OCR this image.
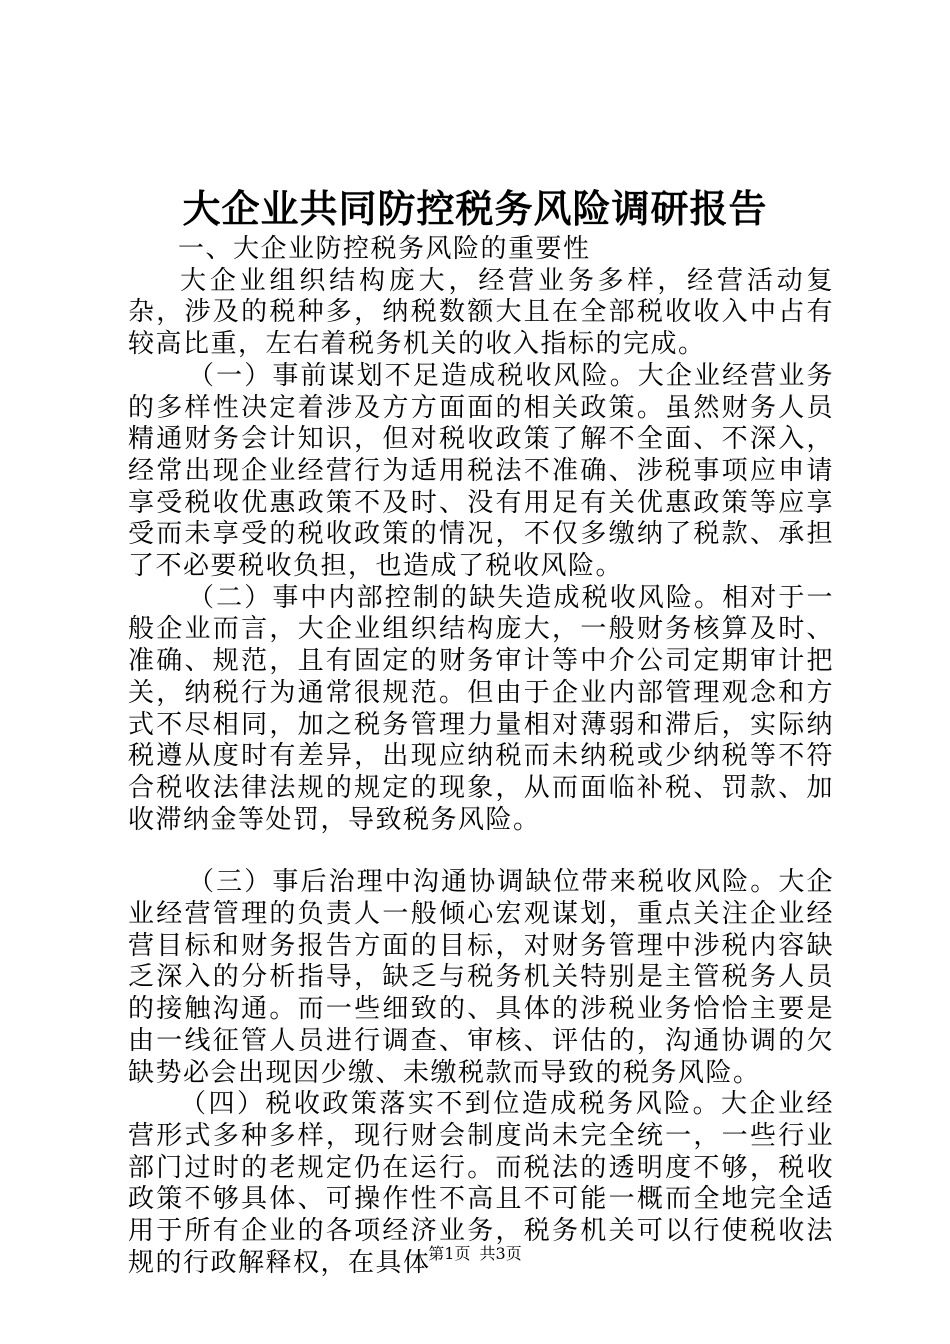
大企业共同防控税务风险调研报告

一、大企业防控税务风险的重要性

大企业组织结构庞大，经营业务多样，经营活动复杂，涉及的税种多，纳税数额大且在全部税收收入中占有较高比重，左右着税务机关的收入指标的完成。

（一）事前谋划不足造成税收风险。大企业经营业务的多样性决定着涉及方方面面的相关政策。虽然财务人员精通财务会计知识，但对税收政策了解不全面、不深入，经常出现企业经营行为适用税法不准确、涉税事项应申请享受税收优惠政策不及时、没有用足有关优惠政策等应享受而未享受的税收政策的情况，不仅多缴纳了税款、承担了不必要税收负担，也造成了税收风险。

（二）事中内部控制的缺失造成税收风险。相对于一般企业而言，大企业组织结构庞大，一般财务核算及时、准确、规范，且有固定的财务审计等中介公司定期审计把关，纳税行为通常很规范。但由于企业内部管理观念和方式不尽相同，加之税务管理力量相对薄弱和滞后，实际纳税遵从度时有差异，出现应纳税而未纳税或少纳税等不符合税收法律法规的规定的现象，从而面临补税、罚款、加收滞纳金等处罚，导致税务风险。

（三）事后治理中沟通协调缺位带来税收风险。大企业经营管理的负责人一般倾心宏观谋划，重点关注企业经营目标和财务报告方面的目标，对财务管理中涉税内容缺乏深入的分析指导，缺乏与税务机关特别是主管税务人员的接触沟通。而一些细致的、具体的涉税业务恰恰主要是由一线征管人员进行调查、审核、评估的，沟通协调的欠缺势必会出现因少缴、未缴税款而导致的税务风险。

（四）税收政策落实不到位造成税务风险。大企业经营形式多种多样，现行财会制度尚未完全统一，一些行业部门过时的老规定仍在运行。而税法的透明度不够，税收政策不够具体、可操作性不高且不可能一概而全地完全适用于所有企业的各项经济业务，税务机关可以行使税收法规的行政解释权，在具体

第1页 共3页
